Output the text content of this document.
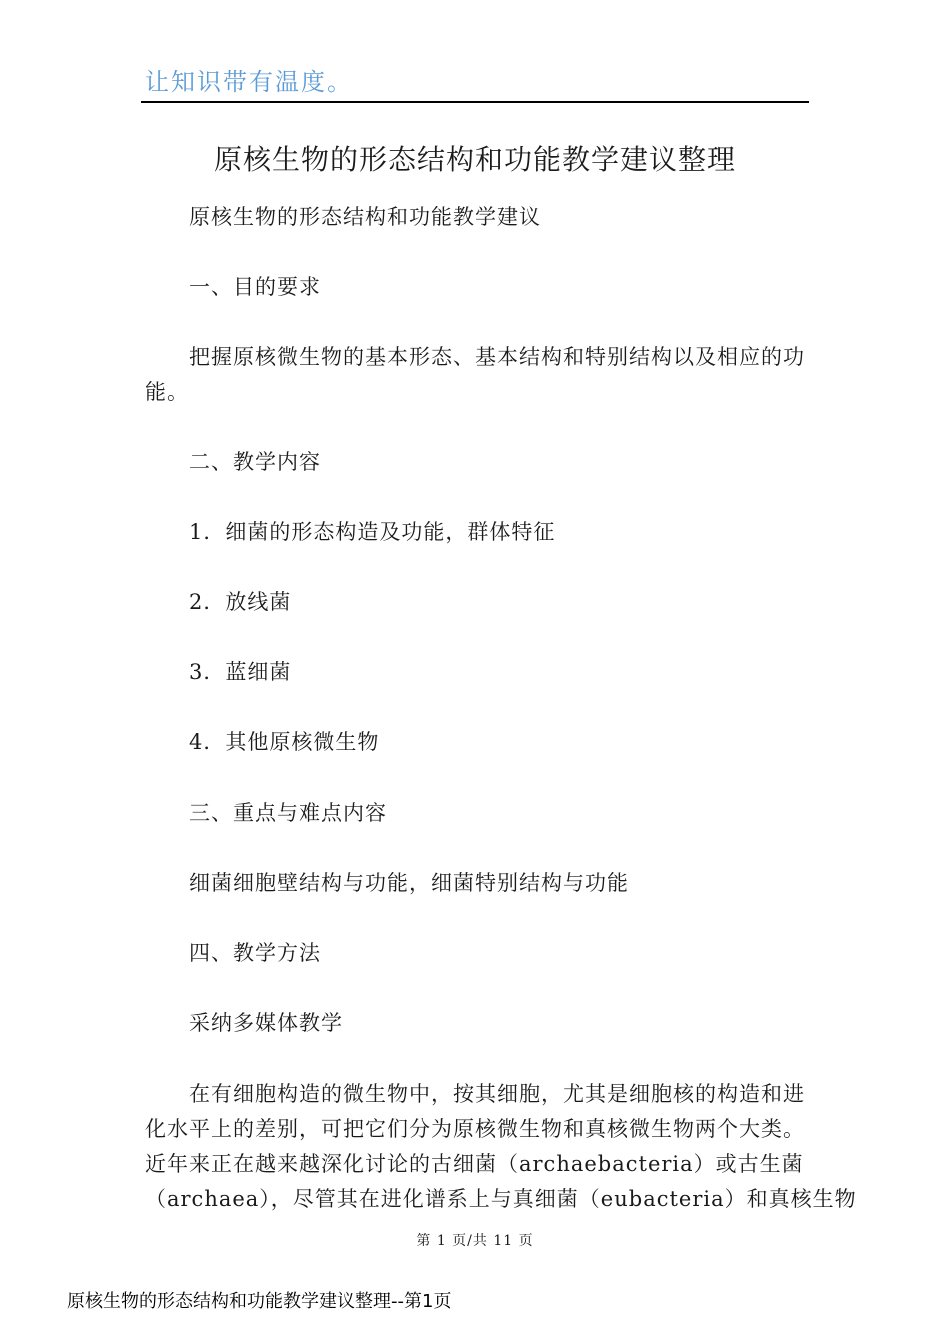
让知识带有温度。
原核生物的形态结构和功能教学建议整理
原核生物的形态结构和功能教学建议
一、目的要求
把握原核微生物的基本形态、基本结构和特别结构以及相应的功
能。
二、教学内容
1．细菌的形态构造及功能，群体特征
2．放线菌
3．蓝细菌
4．其他原核微生物
三、重点与难点内容
细菌细胞壁结构与功能，细菌特别结构与功能
四、教学方法
采纳多媒体教学
在有细胞构造的微生物中，按其细胞，尤其是细胞核的构造和进
化水平上的差别，可把它们分为原核微生物和真核微生物两个大类。
近年来正在越来越深化讨论的古细菌（archaebacteria）或古生菌
（archaea），尽管其在进化谱系上与真细菌（eubacteria）和真核生物
第 1 页/共 11 页
原核生物的形态结构和功能教学建议整理--第1页
